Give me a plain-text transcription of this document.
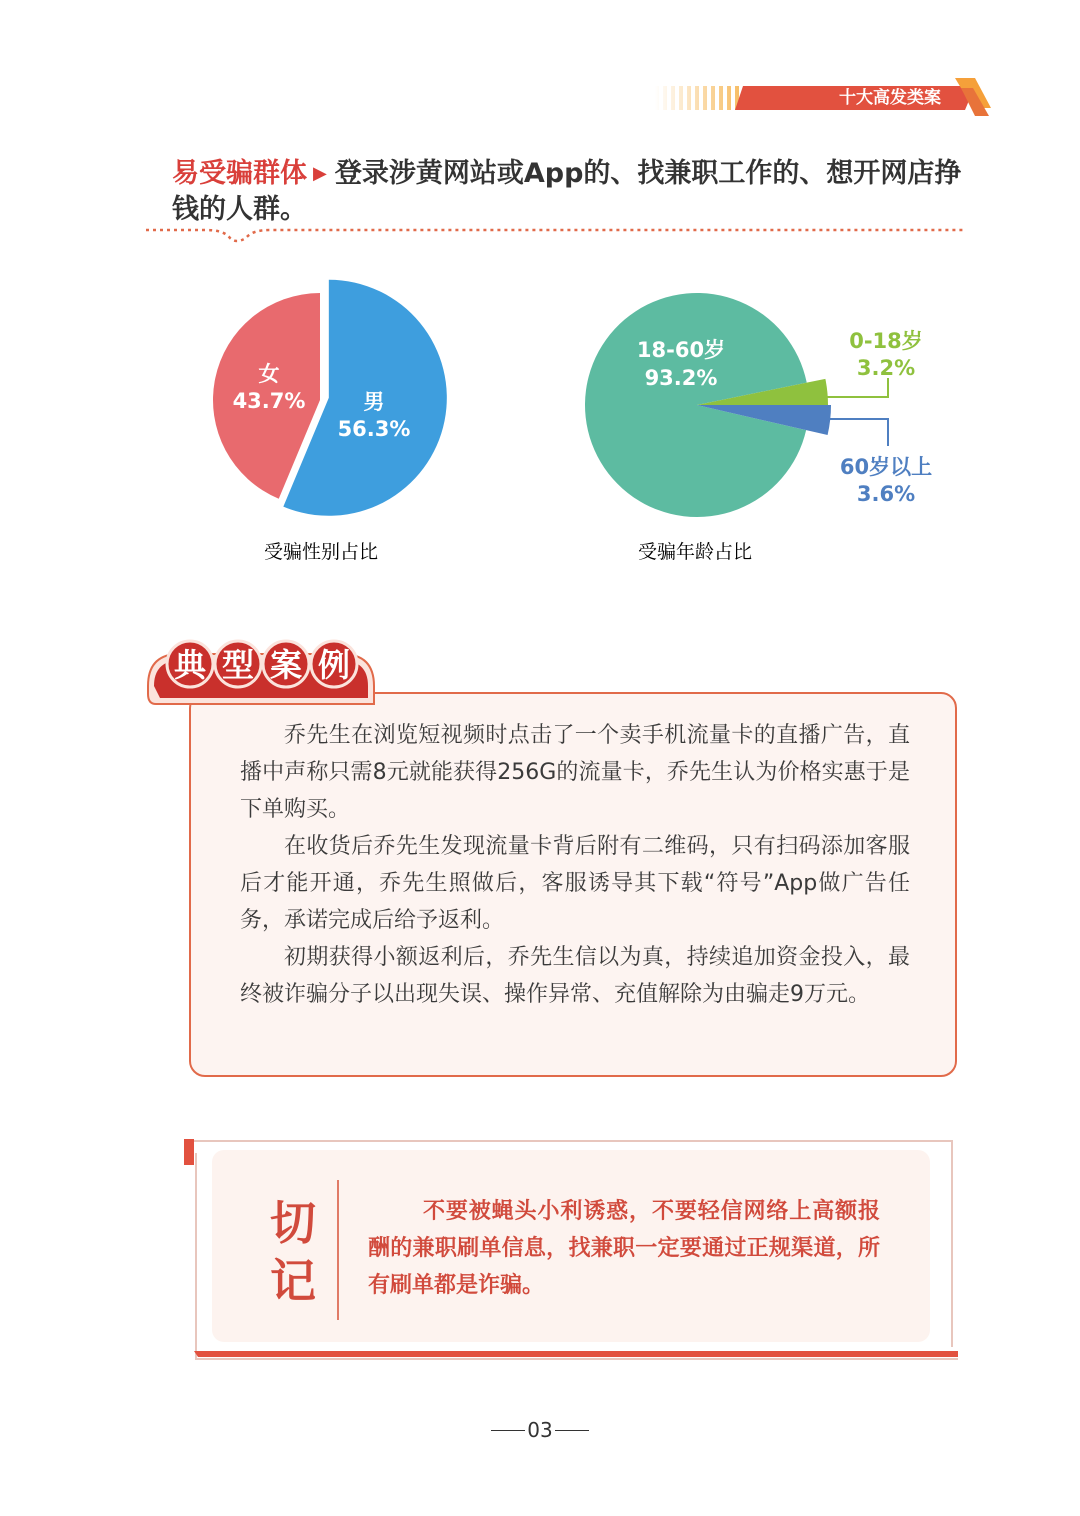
十大高发类案
易受骗群体 ▶ 登录涉黄网站或App的、找兼职工作的、想开网店挣钱的人群。
受骗性别占比	受骗年龄占比
女
43.7%	男
56.3%
18-60岁
93.2%
0-18岁
3.2%
60岁以上
3.6%

乔先生在浏览短视频时点击了一个卖手机流量卡的直播广告，直播中声称只需8元就能获得256G的流量卡，乔先生认为价格实惠于是下单购买。

在收货后乔先生发现流量卡背后附有二维码，只有扫码添加客服后才能开通，乔先生照做后，客服诱导其下载“符号”App做广告任务，承诺完成后给予返利。

初期获得小额返利后，乔先生信以为真，持续追加资金投入，最终被诈骗分子以出现失误、操作异常、充值解除为由骗走9万元。

典 型 案 例
切
记
不要被蝇头小利诱惑，不要轻信网络上高额报酬的兼职刷单信息，找兼职一定要通过正规渠道，所有刷单都是诈骗。
03
